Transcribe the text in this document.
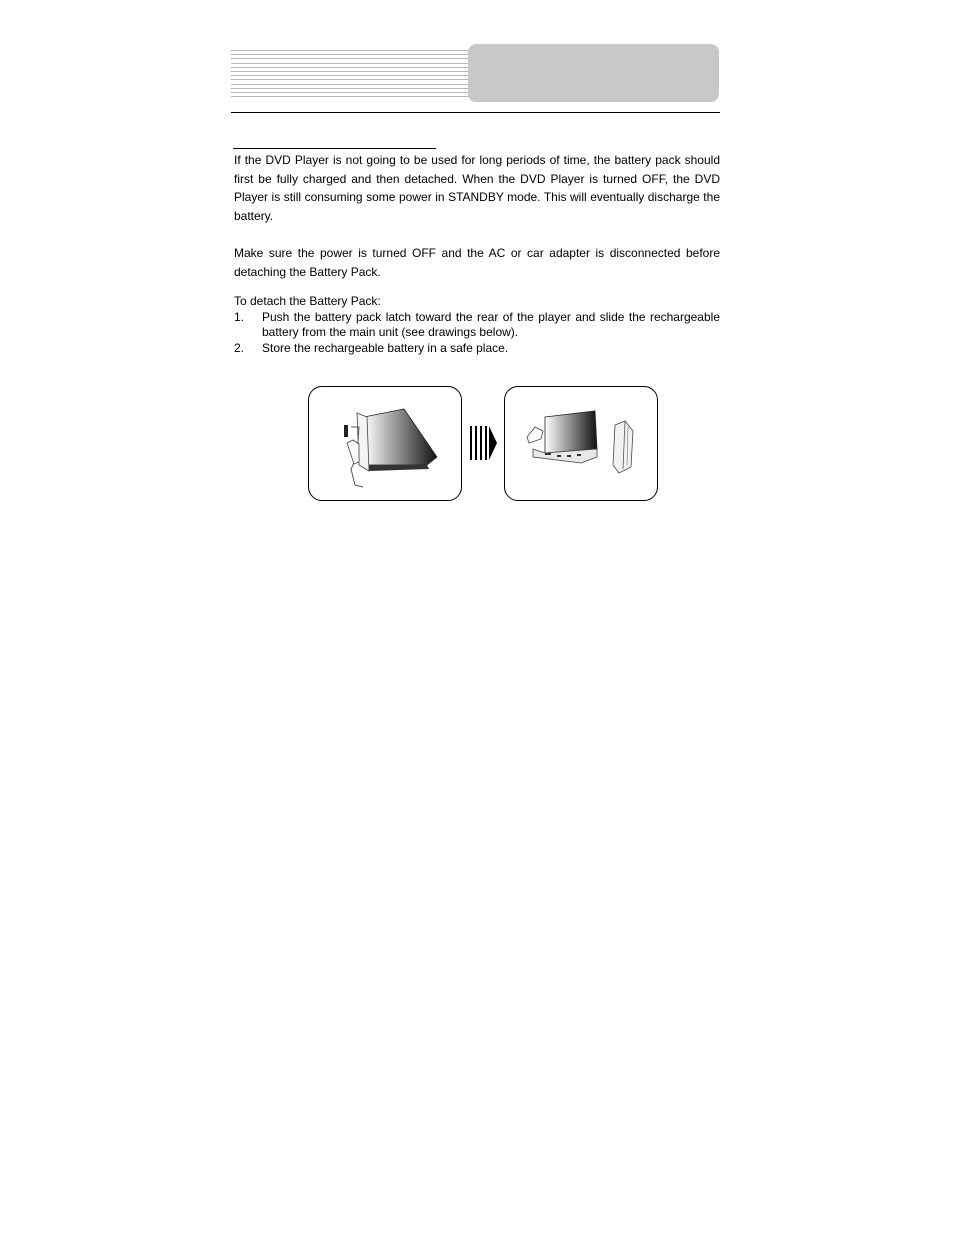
If the DVD Player is not going to be used for long periods of time, the battery pack should first be fully charged and then detached. When the DVD Player is turned OFF, the DVD Player is still consuming some power in STANDBY mode. This will eventually discharge the battery.
Make sure the power is turned OFF and the AC or car adapter is disconnected before detaching the Battery Pack.
To detach the Battery Pack:
1. Push the battery pack latch toward the rear of the player and slide the rechargeable battery from the main unit (see drawings below).
2. Store the rechargeable battery in a safe place.
